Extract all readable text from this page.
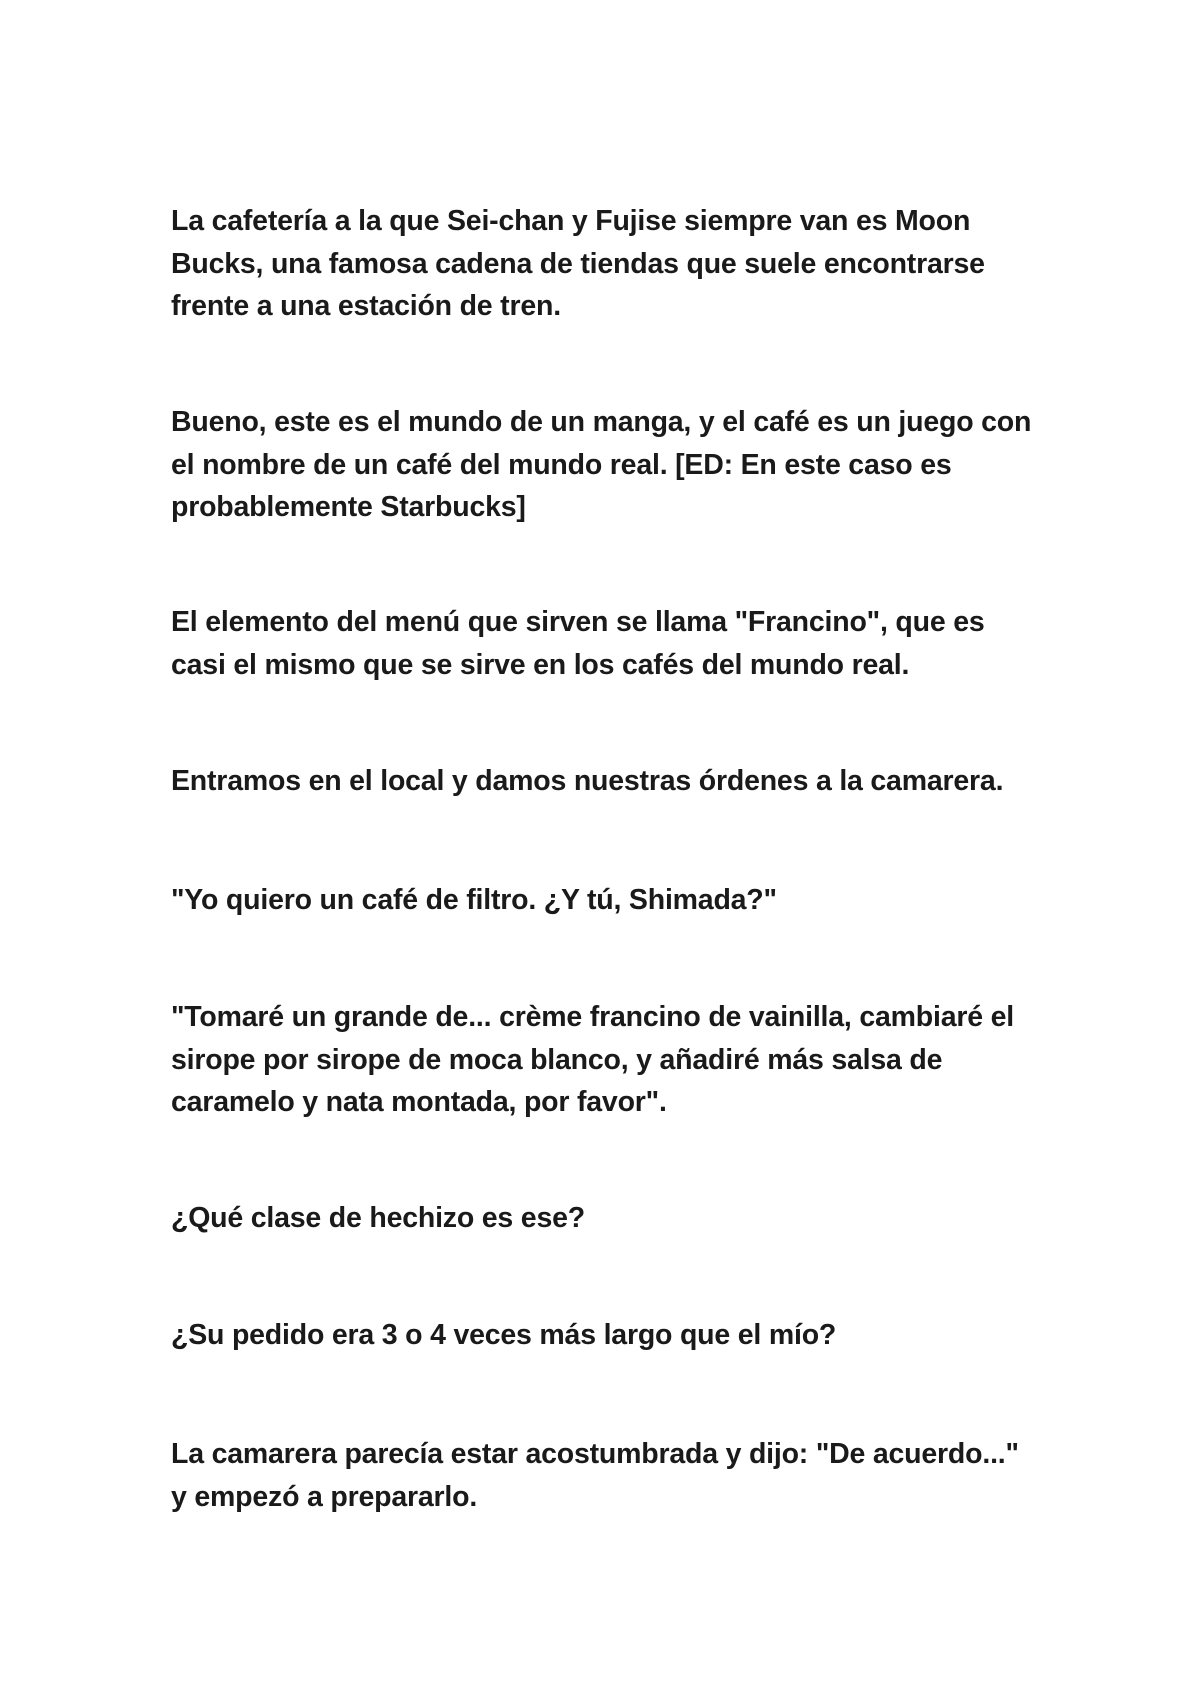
La cafetería a la que Sei-chan y Fujise siempre van es Moon
Bucks, una famosa cadena de tiendas que suele encontrarse
frente a una estación de tren.

Bueno, este es el mundo de un manga, y el café es un juego con
el nombre de un café del mundo real. [ED: En este caso es
probablemente Starbucks]

El elemento del menú que sirven se llama "Francino", que es
casi el mismo que se sirve en los cafés del mundo real.

Entramos en el local y damos nuestras órdenes a la camarera.

"Yo quiero un café de filtro. ¿Y tú, Shimada?"

"Tomaré un grande de... crème francino de vainilla, cambiaré el
sirope por sirope de moca blanco, y añadiré más salsa de
caramelo y nata montada, por favor".

¿Qué clase de hechizo es ese?

¿Su pedido era 3 o 4 veces más largo que el mío?

La camarera parecía estar acostumbrada y dijo: "De acuerdo..."
y empezó a prepararlo.
